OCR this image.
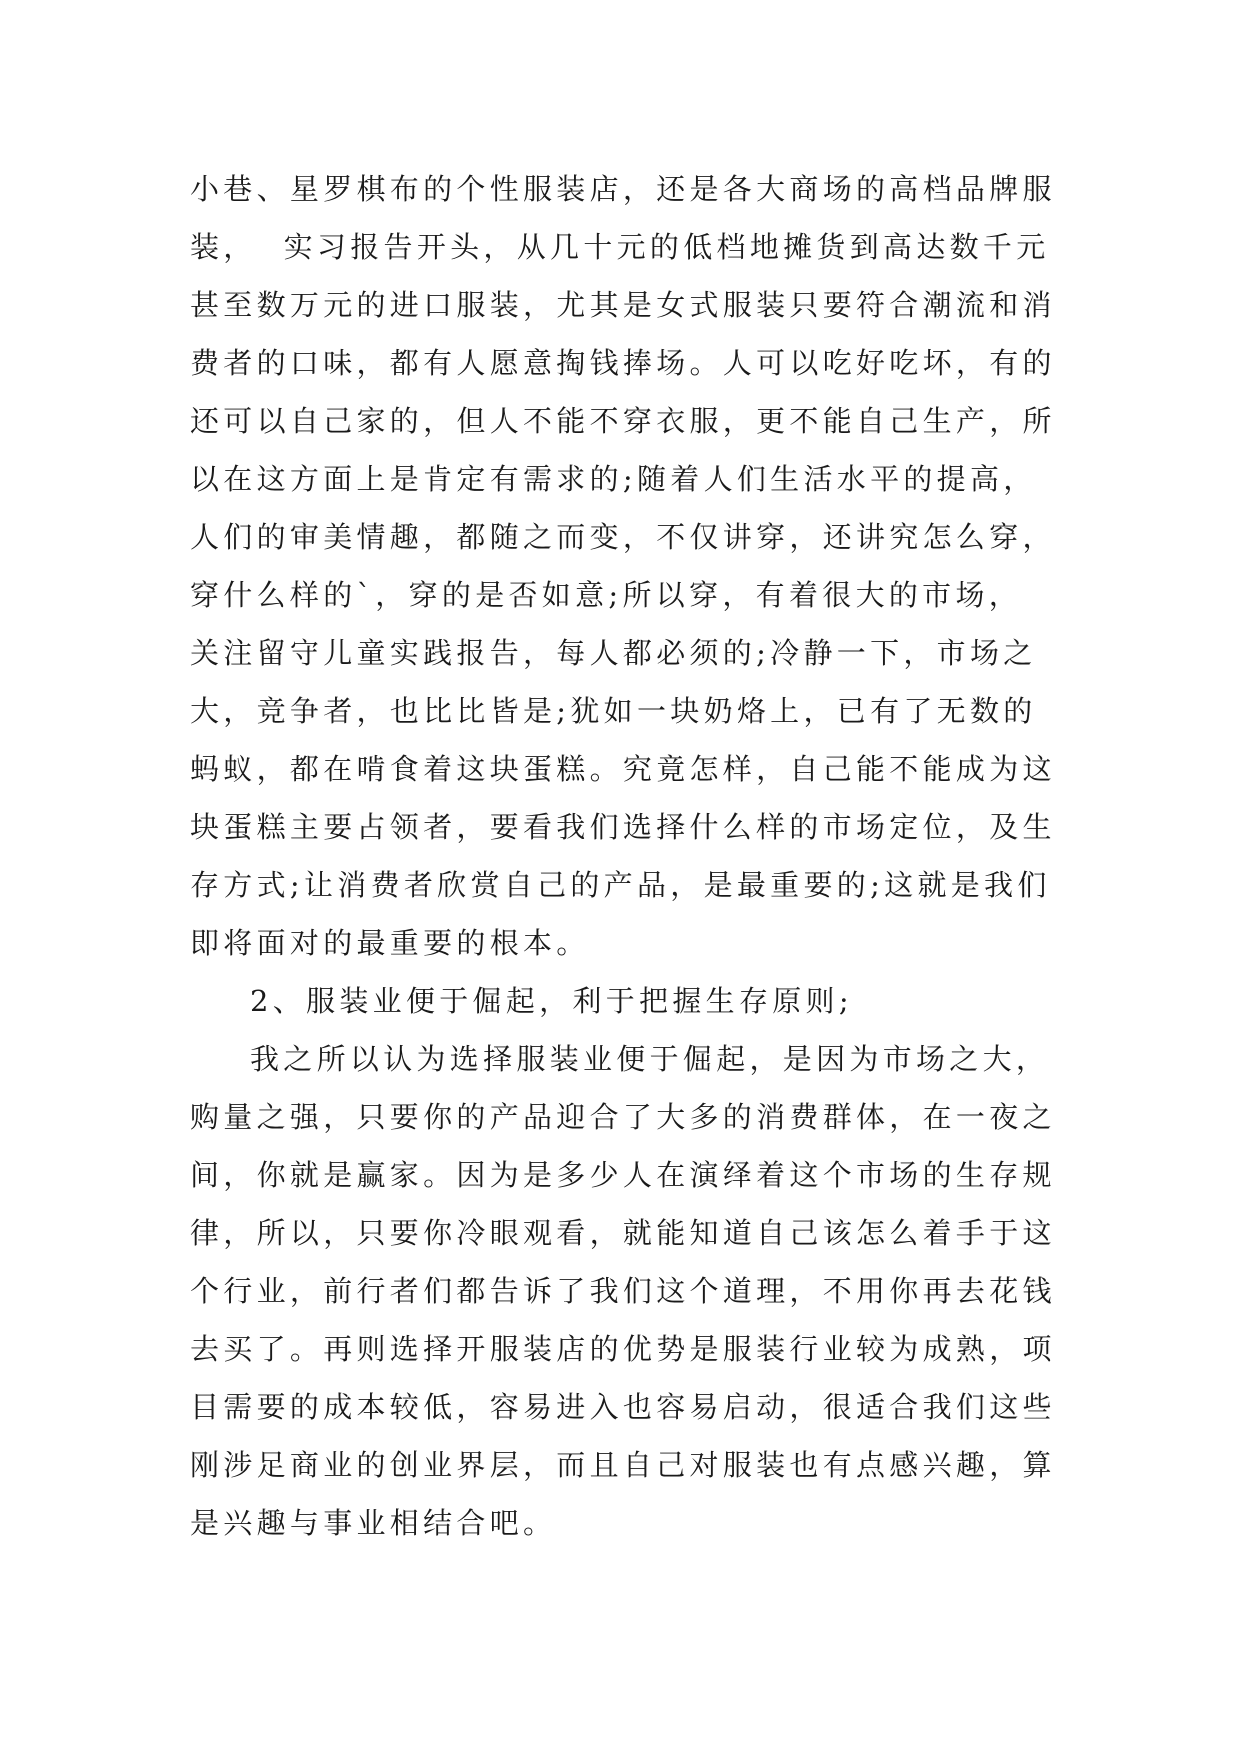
小巷、星罗棋布的个性服装店，还是各大商场的高档品牌服
装，  实习报告开头，从几十元的低档地摊货到高达数千元
甚至数万元的进口服装，尤其是女式服装只要符合潮流和消
费者的口味，都有人愿意掏钱捧场。人可以吃好吃坏，有的
还可以自己家的，但人不能不穿衣服，更不能自己生产，所
以在这方面上是肯定有需求的;随着人们生活水平的提高，
人们的审美情趣，都随之而变，不仅讲穿，还讲究怎么穿，
穿什么样的`，穿的是否如意;所以穿，有着很大的市场，
关注留守儿童实践报告，每人都必须的;冷静一下，市场之
大，竞争者，也比比皆是;犹如一块奶烙上，已有了无数的
蚂蚁，都在啃食着这块蛋糕。究竟怎样，自己能不能成为这
块蛋糕主要占领者，要看我们选择什么样的市场定位，及生
存方式;让消费者欣赏自己的产品，是最重要的;这就是我们
即将面对的最重要的根本。
2、服装业便于倔起，利于把握生存原则;
我之所以认为选择服装业便于倔起，是因为市场之大，
购量之强，只要你的产品迎合了大多的消费群体，在一夜之
间，你就是赢家。因为是多少人在演绎着这个市场的生存规
律，所以，只要你冷眼观看，就能知道自己该怎么着手于这
个行业，前行者们都告诉了我们这个道理，不用你再去花钱
去买了。再则选择开服装店的优势是服装行业较为成熟，项
目需要的成本较低，容易进入也容易启动，很适合我们这些
刚涉足商业的创业界层，而且自己对服装也有点感兴趣，算
是兴趣与事业相结合吧。
